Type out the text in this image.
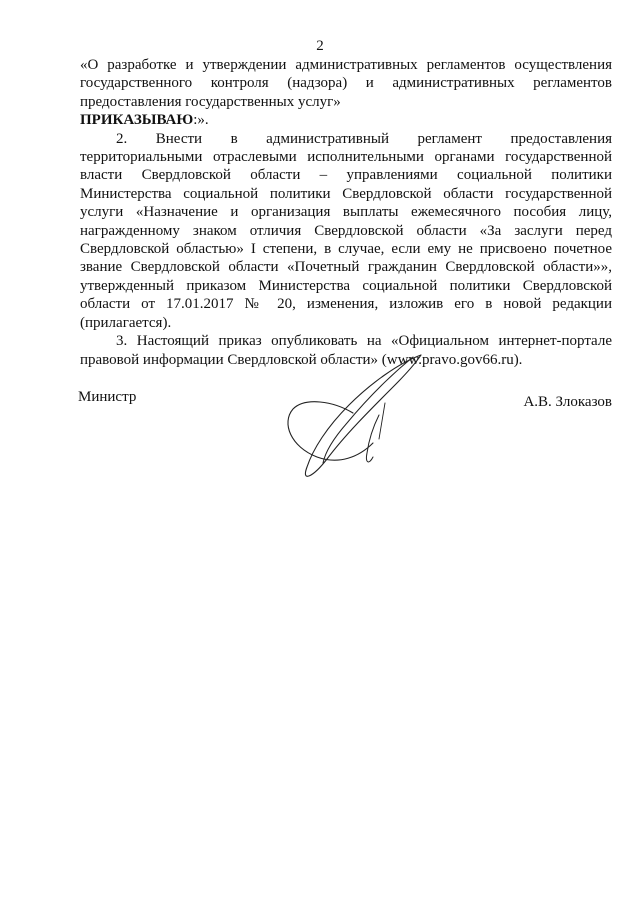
2

«О разработке и утверждении административных регламентов осуществления государственного контроля (надзора) и административных регламентов предоставления государственных услуг»

ПРИКАЗЫВАЮ:».

2. Внести в административный регламент предоставления территориальными отраслевыми исполнительными органами государственной власти Свердловской области – управлениями социальной политики Министерства социальной политики Свердловской области государственной услуги «Назначение и организация выплаты ежемесячного пособия лицу, награжденному знаком отличия Свердловской области «За заслуги перед Свердловской областью» I степени, в случае, если ему не присвоено почетное звание Свердловской области «Почетный гражданин Свердловской области»», утвержденный приказом Министерства социальной политики Свердловской области от 17.01.2017 № 20, изменения, изложив его в новой редакции (прилагается).

3. Настоящий приказ опубликовать на «Официальном интернет-портале правовой информации Свердловской области» (www.pravo.gov66.ru).

Министр	А.В. Злоказов
